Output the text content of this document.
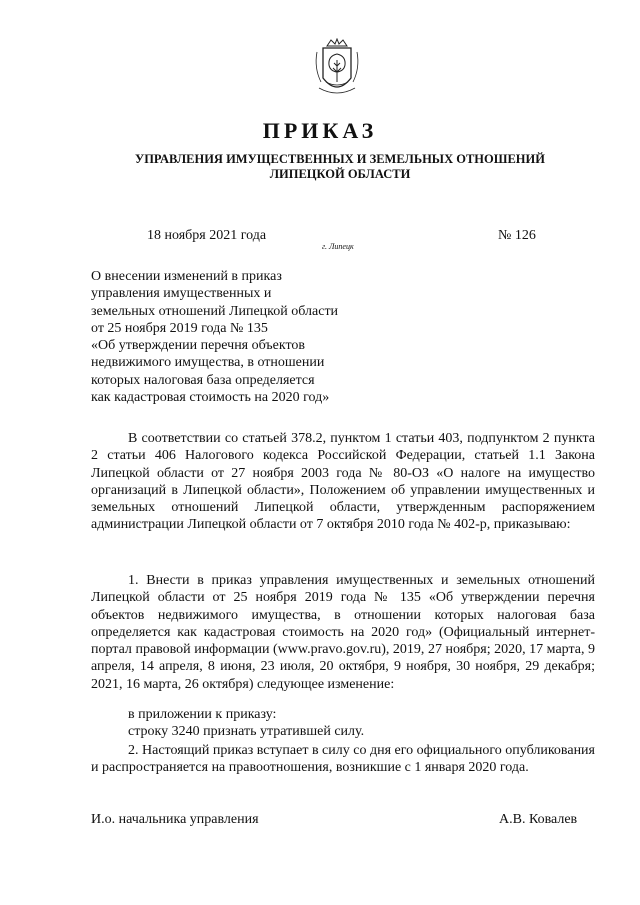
ПРИКАЗ
УПРАВЛЕНИЯ ИМУЩЕСТВЕННЫХ И ЗЕМЕЛЬНЫХ ОТНОШЕНИЙ
ЛИПЕЦКОЙ ОБЛАСТИ
18 ноября 2021 года	№ 126
г. Липецк
О внесении изменений в приказ
управления имущественных и
земельных отношений Липецкой области
от 25 ноября 2019 года № 135
«Об утверждении перечня объектов
недвижимого имущества, в отношении
которых налоговая база определяется
как кадастровая стоимость на 2020 год»
В соответствии со статьей 378.2, пунктом 1 статьи 403, подпунктом 2 пункта 2 статьи 406 Налогового кодекса Российской Федерации, статьей 1.1 Закона Липецкой области от 27 ноября 2003 года № 80-ОЗ «О налоге на имущество организаций в Липецкой области», Положением об управлении имущественных и земельных отношений Липецкой области, утвержденным распоряжением администрации Липецкой области от 7 октября 2010 года № 402-р, приказываю:
1. Внести в приказ управления имущественных и земельных отношений Липецкой области от 25 ноября 2019 года № 135 «Об утверждении перечня объектов недвижимого имущества, в отношении которых налоговая база определяется как кадастровая стоимость на 2020 год» (Официальный интернет-портал правовой информации (www.pravo.gov.ru), 2019, 27 ноября; 2020, 17 марта, 9 апреля, 14 апреля, 8 июня, 23 июля, 20 октября, 9 ноября, 30 ноября, 29 декабря; 2021, 16 марта, 26 октября) следующее изменение:
в приложении к приказу:
строку 3240 признать утратившей силу.
2. Настоящий приказ вступает в силу со дня его официального опубликования и распространяется на правоотношения, возникшие с 1 января 2020 года.
И.о. начальника управления	А.В. Ковалев
